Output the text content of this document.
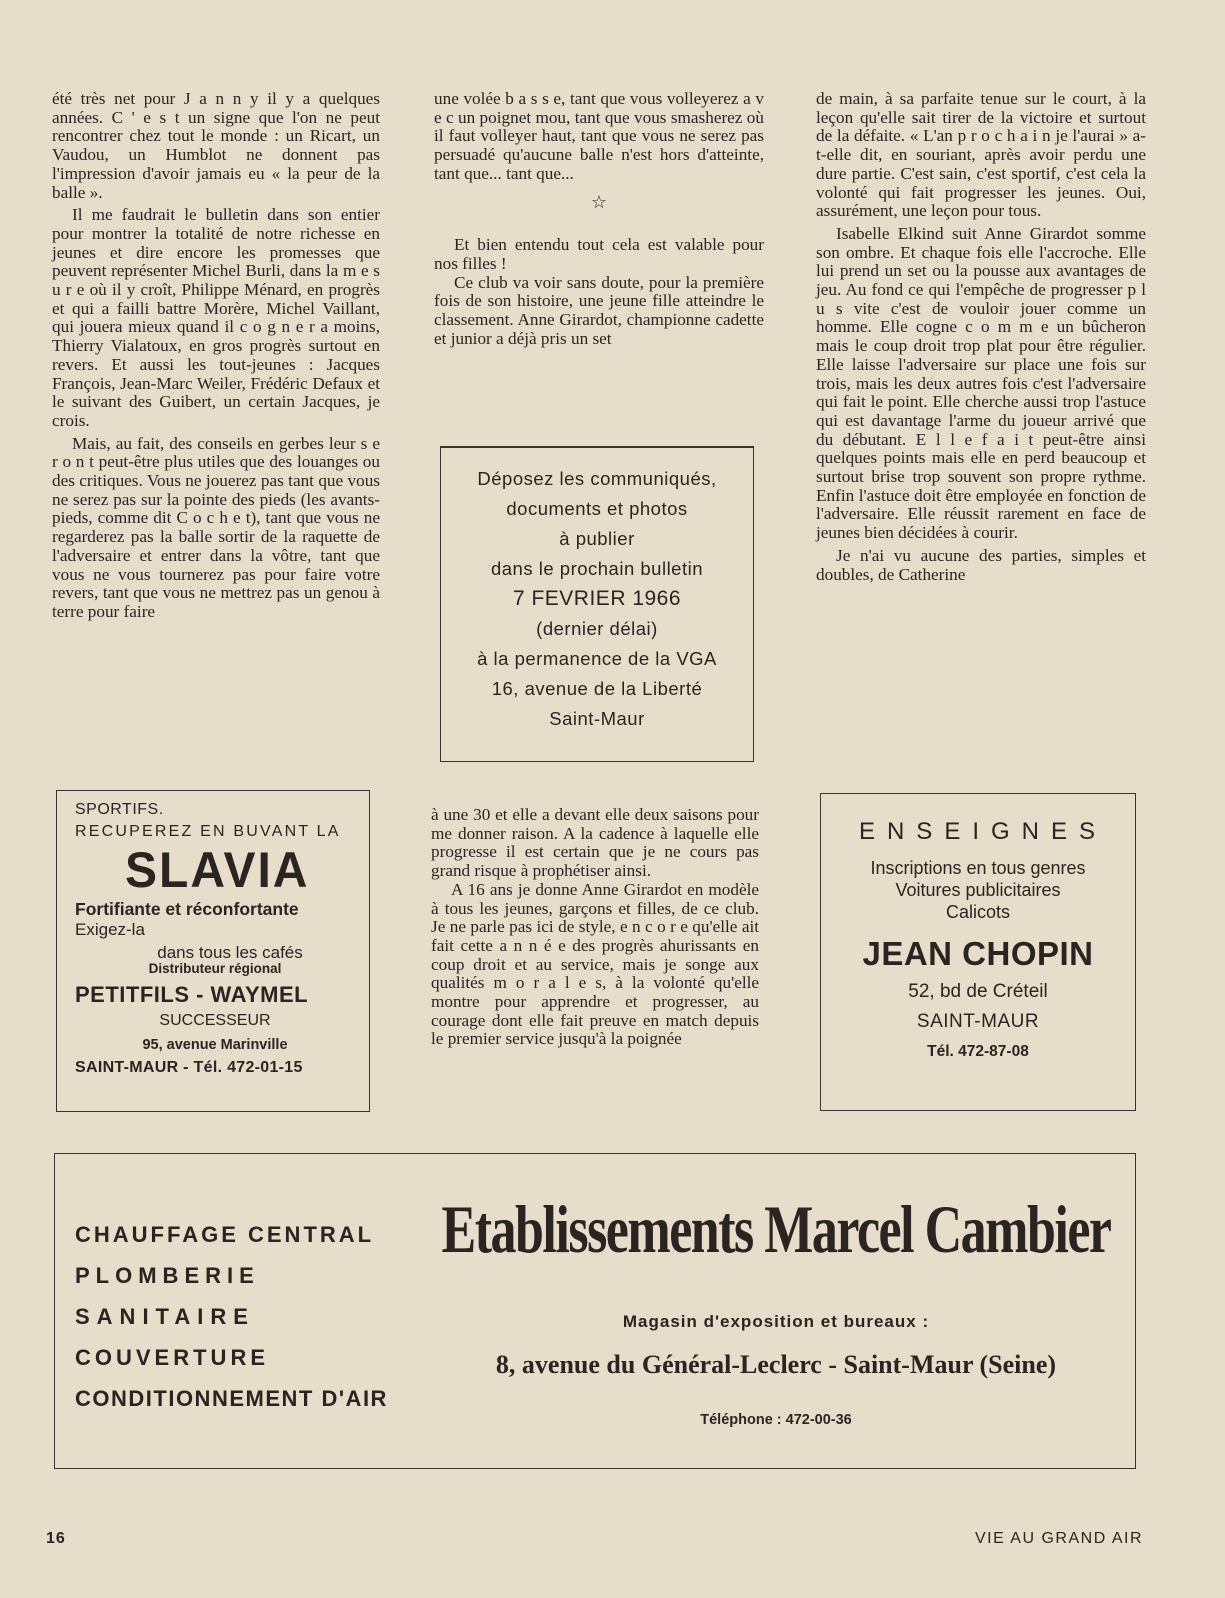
été très net pour J a n n y il y a quelques années. C ' e s t un signe que l'on ne peut rencontrer chez tout le monde : un Ricart, un Vaudou, un Humblot ne donnent pas l'impression d'avoir jamais eu « la peur de la balle ».

Il me faudrait le bulletin dans son entier pour montrer la totalité de notre richesse en jeunes et dire encore les promesses que peuvent représenter Michel Burli, dans la m e s u r e où il y croît, Philippe Ménard, en progrès et qui a failli battre Morère, Michel Vaillant, qui jouera mieux quand il c o g n e r a moins, Thierry Vialatoux, en gros progrès surtout en revers. Et aussi les tout-jeunes : Jacques François, Jean-Marc Weiler, Frédéric Defaux et le suivant des Guibert, un certain Jacques, je crois.

Mais, au fait, des conseils en gerbes leur s e r o n t peut-être plus utiles que des louanges ou des critiques. Vous ne jouerez pas tant que vous ne serez pas sur la pointe des pieds (les avants-pieds, comme dit C o c h e t), tant que vous ne regarderez pas la balle sortir de la raquette de l'adversaire et entrer dans la vôtre, tant que vous ne vous tournerez pas pour faire votre revers, tant que vous ne mettrez pas un genou à terre pour faire

une volée b a s s e, tant que vous volleyerez a v e c un poignet mou, tant que vous smasherez où il faut volleyer haut, tant que vous ne serez pas persuadé qu'aucune balle n'est hors d'atteinte, tant que... tant que...

☆

Et bien entendu tout cela est valable pour nos filles !

Ce club va voir sans doute, pour la première fois de son histoire, une jeune fille atteindre le classement. Anne Girardot, championne cadette et junior a déjà pris un set

de main, à sa parfaite tenue sur le court, à la leçon qu'elle sait tirer de la victoire et surtout de la défaite. « L'an p r o c h a i n je l'aurai » a-t-elle dit, en souriant, après avoir perdu une dure partie. C'est sain, c'est sportif, c'est cela la volonté qui fait progresser les jeunes. Oui, assurément, une leçon pour tous.

Isabelle Elkind suit Anne Girardot somme son ombre. Et chaque fois elle l'accroche. Elle lui prend un set ou la pousse aux avantages de jeu. Au fond ce qui l'empêche de progresser p l u s vite c'est de vouloir jouer comme un homme. Elle cogne c o m m e un bûcheron mais le coup droit trop plat pour être régulier. Elle laisse l'adversaire sur place une fois sur trois, mais les deux autres fois c'est l'adversaire qui fait le point. Elle cherche aussi trop l'astuce qui est davantage l'arme du joueur arrivé que du débutant. E l l e f a i t peut-être ainsi quelques points mais elle en perd beaucoup et surtout brise trop souvent son propre rythme. Enfin l'astuce doit être employée en fonction de l'adversaire. Elle réussit rarement en face de jeunes bien décidées à courir.

Je n'ai vu aucune des parties, simples et doubles, de Catherine

Déposez les communiqués,
documents et photos
à publier
dans le prochain bulletin
7 FEVRIER 1966
(dernier délai)
à la permanence de la VGA
16, avenue de la Liberté
Saint-Maur
SPORTIFS.
RECUPEREZ EN BUVANT LA
SLAVIA
Fortifiante et réconfortante
Exigez-la
dans tous les cafés
Distributeur régional
PETITFILS - WAYMEL
SUCCESSEUR
95, avenue Marinville
SAINT-MAUR - Tél. 472-01-15

à une 30 et elle a devant elle deux saisons pour me donner raison. A la cadence à laquelle elle progresse il est certain que je ne cours pas grand risque à prophétiser ainsi.

A 16 ans je donne Anne Girardot en modèle à tous les jeunes, garçons et filles, de ce club. Je ne parle pas ici de style, e n c o r e qu'elle ait fait cette a n n é e des progrès ahurissants en coup droit et au service, mais je songe aux qualités m o r a l e s, à la volonté qu'elle montre pour apprendre et progresser, au courage dont elle fait preuve en match depuis le premier service jusqu'à la poignée

ENSEIGNES
Inscriptions en tous genres
Voitures publicitaires
Calicots
JEAN CHOPIN
52, bd de Créteil
SAINT-MAUR
Tél. 472-87-08
CHAUFFAGE CENTRAL
PLOMBERIE
SANITAIRE
COUVERTURE
CONDITIONNEMENT D'AIR
Etablissements Marcel Cambier
Magasin d'exposition et bureaux :
8, avenue du Général-Leclerc - Saint-Maur (Seine)
Téléphone : 472-00-36
16	VIE AU GRAND AIR
